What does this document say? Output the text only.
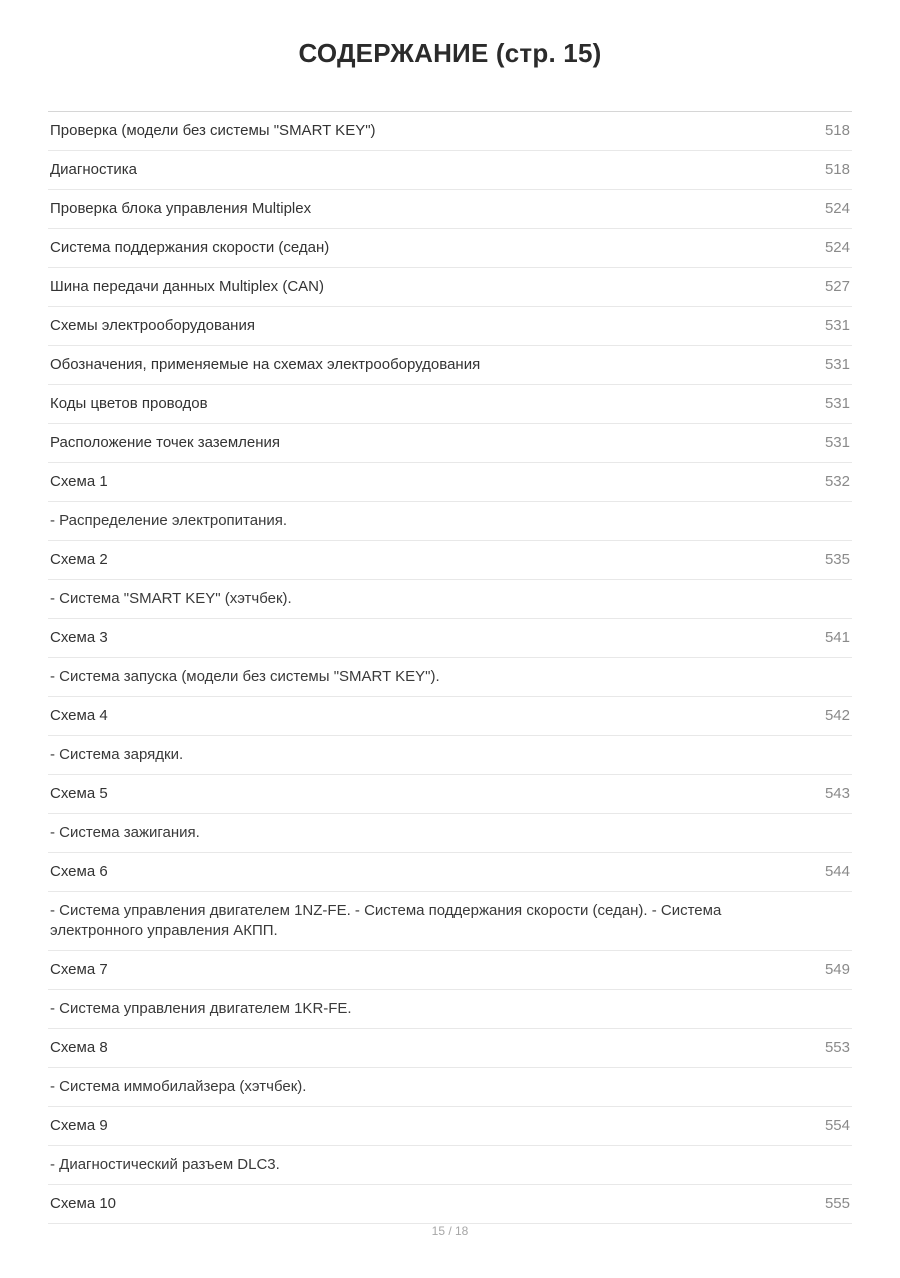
СОДЕРЖАНИЕ (стр. 15)
Проверка (модели без системы "SMART KEY")	518
Диагностика	518
Проверка блока управления Multiplex	524
Система поддержания скорости (седан)	524
Шина передачи данных Multiplex (CAN)	527
Схемы электрооборудования	531
Обозначения, применяемые на схемах электрооборудования	531
Коды цветов проводов	531
Расположение точек заземления	531
Схема 1	532
- Распределение электропитания.
Схема 2	535
- Система "SMART KEY" (хэтчбек).
Схема 3	541
- Система запуска (модели без системы "SMART KEY").
Схема 4	542
- Система зарядки.
Схема 5	543
- Система зажигания.
Схема 6	544
- Система управления двигателем 1NZ-FE. - Система поддержания скорости (седан). - Система электронного управления АКПП.
Схема 7	549
- Система управления двигателем 1KR-FE.
Схема 8	553
- Система иммобилайзера (хэтчбек).
Схема 9	554
- Диагностический разъем DLC3.
Схема 10	555
15 / 18
